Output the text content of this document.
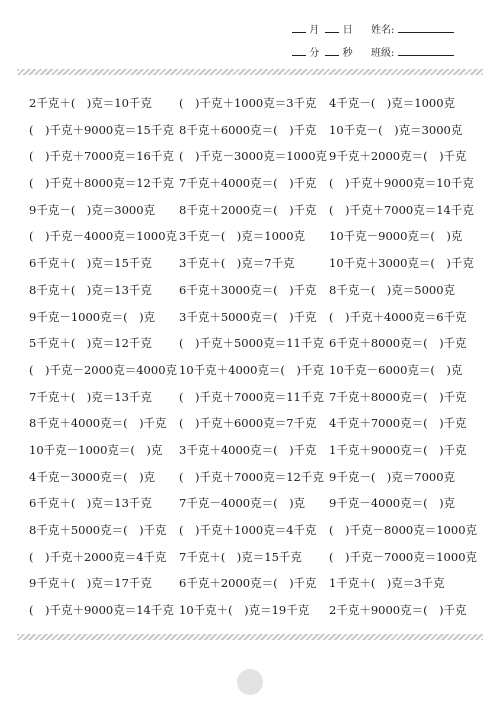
月 日 姓名:
分 秒 班级:
2千克＋(　)克＝10千克	(　)千克＋1000克＝3千克	4千克－(　)克＝1000克
(　)千克＋9000克＝15千克 8千克＋6000克＝(　)千克	10千克－(　)克＝3000克
(　)千克＋7000克＝16千克 (　)千克－3000克＝1000克 9千克＋2000克＝(　)千克
(　)千克＋8000克＝12千克 7千克＋4000克＝(　)千克	(　)千克＋9000克＝10千克
9千克－(　)克＝3000克	8千克＋2000克＝(　)千克	(　)千克＋7000克＝14千克
(　)千克－4000克＝1000克 3千克－(　)克＝1000克	10千克－9000克＝(　)克
6千克＋(　)克＝15千克	3千克＋(　)克＝7千克	10千克＋3000克＝(　)千克
8千克＋(　)克＝13千克	6千克＋3000克＝(　)千克	8千克－(　)克＝5000克
9千克－1000克＝(　)克	3千克＋5000克＝(　)千克	(　)千克＋4000克＝6千克
5千克＋(　)克＝12千克	(　)千克＋5000克＝11千克 6千克＋8000克＝(　)千克
(　)千克－2000克＝4000克 10千克＋4000克＝(　)千克 10千克－6000克＝(　)克
7千克＋(　)克＝13千克	(　)千克＋7000克＝11千克 7千克＋8000克＝(　)千克
8千克＋4000克＝(　)千克	(　)千克＋6000克＝7千克	4千克＋7000克＝(　)千克
10千克－1000克＝(　)克	3千克＋4000克＝(　)千克	1千克＋9000克＝(　)千克
4千克－3000克＝(　)克	(　)千克＋7000克＝12千克 9千克－(　)克＝7000克
6千克＋(　)克＝13千克	7千克－4000克＝(　)克	9千克－4000克＝(　)克
8千克＋5000克＝(　)千克	(　)千克＋1000克＝4千克	(　)千克－8000克＝1000克
(　)千克＋2000克＝4千克	7千克＋(　)克＝15千克	(　)千克－7000克＝1000克
9千克＋(　)克＝17千克	6千克＋2000克＝(　)千克	1千克＋(　)克＝3千克
(　)千克＋9000克＝14千克 10千克＋(　)克＝19千克	2千克＋9000克＝(　)千克
